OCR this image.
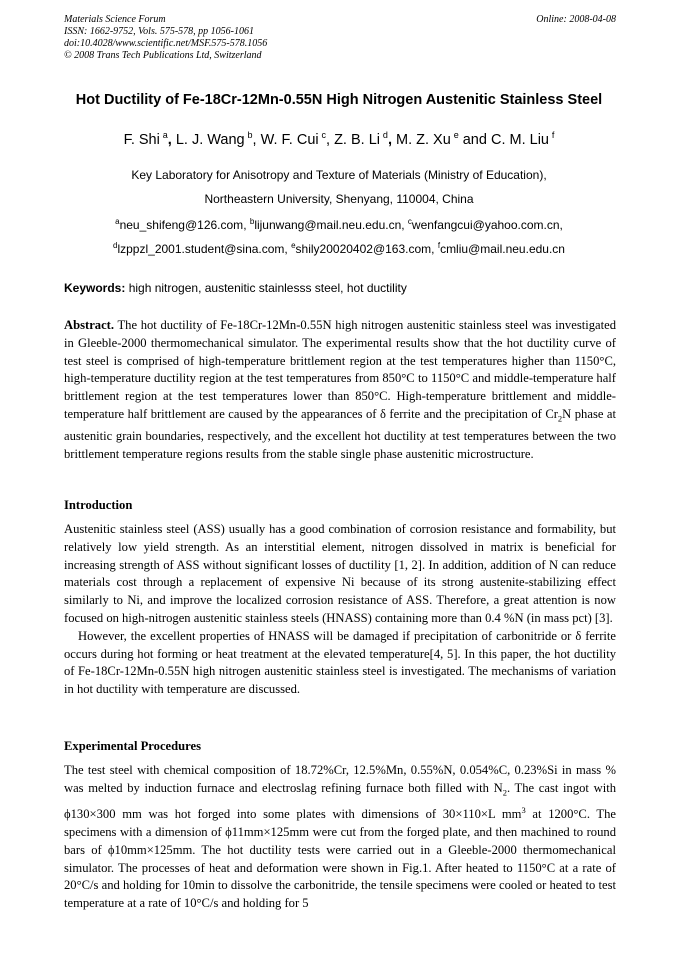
Materials Science Forum
ISSN: 1662-9752, Vols. 575-578, pp 1056-1061
doi:10.4028/www.scientific.net/MSF.575-578.1056
© 2008 Trans Tech Publications Ltd, Switzerland
Online: 2008-04-08
Hot Ductility of Fe-18Cr-12Mn-0.55N High Nitrogen Austenitic Stainless Steel
F. Shi  $^a$, L. J. Wang  $^b$, W. F. Cui  $^c$, Z. B. Li  $^d$, M. Z. Xu  $^e$ and C. M. Liu  $^f$
Key Laboratory for Anisotropy and Texture of Materials (Ministry of Education),
Northeastern University, Shenyang, 110004, China
$^a$neu_shifeng@126.com, $^b$lijunwang@mail.neu.edu.cn, $^c$wenfangcui@yahoo.com.cn,
$^d$lzppzl_2001.student@sina.com, $^e$shily20020402@163.com, $^f$cmliu@mail.neu.edu.cn
Keywords: high nitrogen, austenitic stainlesss steel, hot ductility

Abstract. The hot ductility of Fe-18Cr-12Mn-0.55N high nitrogen austenitic stainless steel was investigated in Gleeble-2000 thermomechanical simulator. The experimental results show that the hot ductility curve of test steel is comprised of high-temperature brittlement region at the test temperatures higher than 1150°C, high-temperature ductility region at the test temperatures from 850°C to 1150°C and middle-temperature half brittlement region at the test temperatures lower than 850°C. High-temperature brittlement and middle-temperature half brittlement are caused by the appearances of δ ferrite and the precipitation of $Cr_2N$ phase at austenitic grain boundaries, respectively, and the excellent hot ductility at test temperatures between the two brittlement temperature regions results from the stable single phase austenitic microstructure.

Introduction

Austenitic stainless steel (ASS) usually has a good combination of corrosion resistance and formability, but relatively low yield strength. As an interstitial element, nitrogen dissolved in matrix is beneficial for increasing strength of ASS without significant losses of ductility [1, 2]. In addition, addition of N can reduce materials cost through a replacement of expensive Ni because of its strong austenite-stabilizing effect similarly to Ni, and improve the localized corrosion resistance of ASS. Therefore, a great attention is now focused on high-nitrogen austenitic stainless steels (HNASS) containing more than 0.4 %N (in mass pct) [3].

However, the excellent properties of HNASS will be damaged if precipitation of carbonitride or δ ferrite occurs during hot forming or heat treatment at the elevated temperature[4, 5]. In this paper, the hot ductility of Fe-18Cr-12Mn-0.55N high nitrogen austenitic stainless steel is investigated. The mechanisms of variation in hot ductility with temperature are discussed.

Experimental Procedures

The test steel with chemical composition of 18.72%Cr, 12.5%Mn, 0.55%N, 0.054%C, 0.23%Si in mass % was melted by induction furnace and electroslag refining furnace both filled with $N_2$. The cast ingot with ϕ130×300 mm was hot forged into some plates with dimensions of 30×110×L $mm^3$ at 1200°C. The specimens with a dimension of ϕ11mm×125mm were cut from the forged plate, and then machined to round bars of ϕ10mm×125mm. The hot ductility tests were carried out in a Gleeble-2000 thermomechanical simulator. The processes of heat and deformation were shown in Fig.1. After heated to 1150°C at a rate of 20°C/s and holding for 10min to dissolve the carbonitride, the tensile specimens were cooled or heated to test temperature at a rate of 10°C/s and holding for 5
